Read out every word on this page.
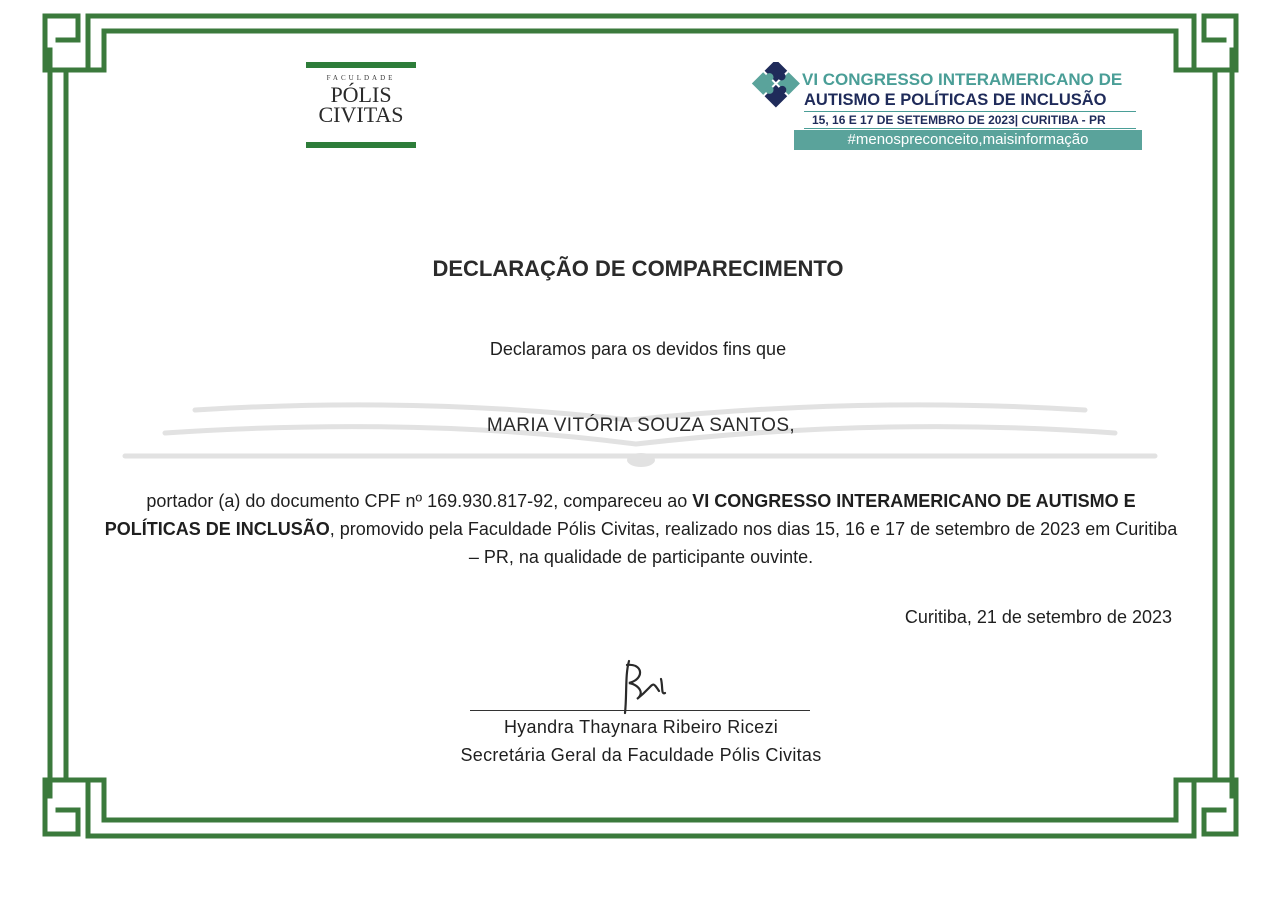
FACULDADE
PÓLIS
CIVITAS
VI CONGRESSO INTERAMERICANO DE
AUTISMO E POLÍTICAS DE INCLUSÃO
15, 16 E 17 DE SETEMBRO DE 2023| CURITIBA - PR
#menospreconceito,maisinformação
DECLARAÇÃO DE COMPARECIMENTO
Declaramos para os devidos fins que
MARIA VITÓRIA SOUZA SANTOS,
portador (a) do documento CPF nº 169.930.817-92, compareceu ao VI CONGRESSO INTERAMERICANO DE AUTISMO E POLÍTICAS DE INCLUSÃO, promovido pela Faculdade Pólis Civitas, realizado nos dias 15, 16 e 17 de setembro de 2023 em Curitiba – PR, na qualidade de participante ouvinte.
Curitiba, 21 de setembro de 2023
Hyandra Thaynara Ribeiro Ricezi
Secretária Geral da Faculdade Pólis Civitas
